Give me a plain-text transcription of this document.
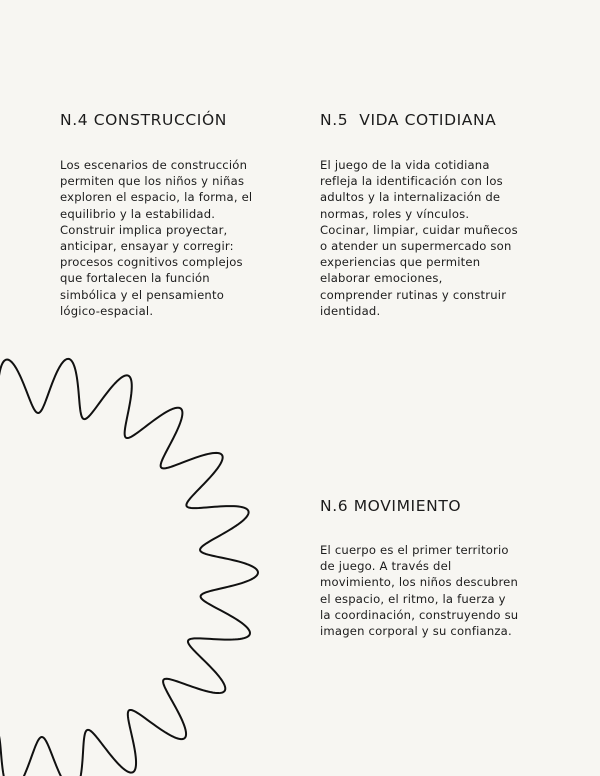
N.4 CONSTRUCCIÓN

Los escenarios de construcción
permiten que los niños y niñas
exploren el espacio, la forma, el
equilibrio y la estabilidad.
Construir implica proyectar,
anticipar, ensayar y corregir:
procesos cognitivos complejos
que fortalecen la función
simbólica y el pensamiento
lógico-espacial.

N.5  VIDA COTIDIANA

El juego de la vida cotidiana
refleja la identificación con los
adultos y la internalización de
normas, roles y vínculos.
Cocinar, limpiar, cuidar muñecos
o atender un supermercado son
experiencias que permiten
elaborar emociones,
comprender rutinas y construir
identidad.

N.6 MOVIMIENTO

El cuerpo es el primer territorio
de juego. A través del
movimiento, los niños descubren
el espacio, el ritmo, la fuerza y
la coordinación, construyendo su
imagen corporal y su confianza.
